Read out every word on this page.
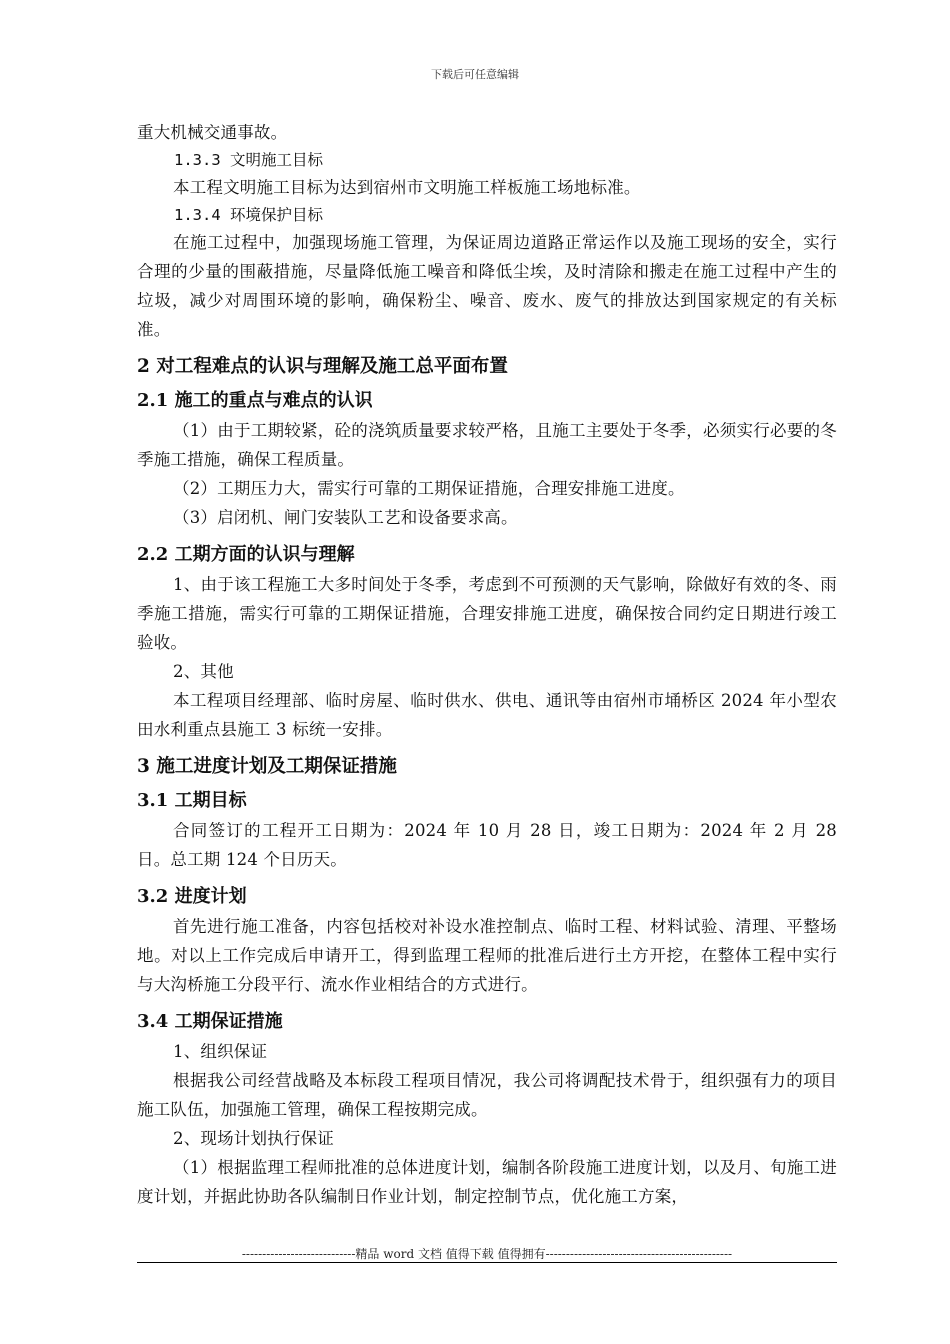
下载后可任意编辑

重大机械交通事故。

1.3.3 文明施工目标

本工程文明施工目标为达到宿州市文明施工样板施工场地标准。

1.3.4 环境保护目标

在施工过程中，加强现场施工管理，为保证周边道路正常运作以及施工现场的安全，实行合理的少量的围蔽措施，尽量降低施工噪音和降低尘埃，及时清除和搬走在施工过程中产生的垃圾，减少对周围环境的影响，确保粉尘、噪音、废水、废气的排放达到国家规定的有关标准。

2 对工程难点的认识与理解及施工总平面布置

2.1 施工的重点与难点的认识

（1）由于工期较紧，砼的浇筑质量要求较严格，且施工主要处于冬季，必须实行必要的冬季施工措施，确保工程质量。

（2）工期压力大，需实行可靠的工期保证措施，合理安排施工进度。

（3）启闭机、闸门安装队工艺和设备要求高。

2.2 工期方面的认识与理解

1、由于该工程施工大多时间处于冬季，考虑到不可预测的天气影响，除做好有效的冬、雨季施工措施，需实行可靠的工期保证措施，合理安排施工进度，确保按合同约定日期进行竣工验收。

2、其他

本工程项目经理部、临时房屋、临时供水、供电、通讯等由宿州市埇桥区 2024 年小型农田水利重点县施工 3 标统一安排。

3 施工进度计划及工期保证措施

3.1 工期目标

合同签订的工程开工日期为：2024 年 10 月 28 日，竣工日期为：2024 年 2 月 28 日。总工期 124 个日历天。

3.2 进度计划

首先进行施工准备，内容包括校对补设水准控制点、临时工程、材料试验、清理、平整场地。对以上工作完成后申请开工，得到监理工程师的批准后进行土方开挖，在整体工程中实行与大沟桥施工分段平行、流水作业相结合的方式进行。

3.4 工期保证措施

1、组织保证

根据我公司经营战略及本标段工程项目情况，我公司将调配技术骨于，组织强有力的项目施工队伍，加强施工管理，确保工程按期完成。

2、现场计划执行保证

（1）根据监理工程师批准的总体进度计划，编制各阶段施工进度计划，以及月、旬施工进度计划，并据此协助各队编制日作业计划，制定控制节点，优化施工方案，

----------------------------精品 word 文档 值得下载 值得拥有----------------------------------------------
